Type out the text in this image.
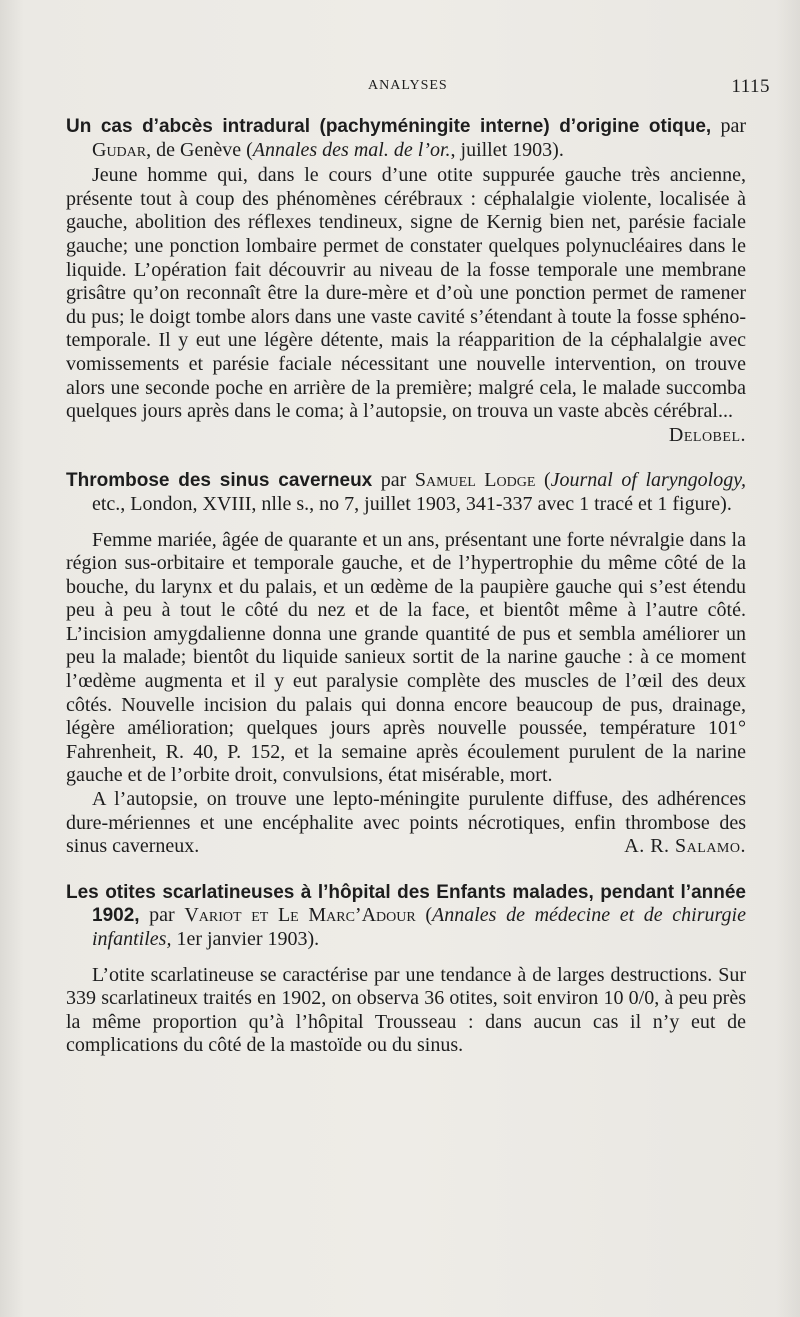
ANALYSES	1115

Un cas d’abcès intradural (pachyméningite interne) d’origine otique, par Gudar, de Genève (Annales des mal. de l’or., juillet 1903).

Jeune homme qui, dans le cours d’une otite suppurée gauche très ancienne, présente tout à coup des phénomènes cérébraux : céphalalgie violente, localisée à gauche, abolition des réflexes tendineux, signe de Kernig bien net, parésie faciale gauche; une ponction lombaire permet de constater quelques polynucléaires dans le liquide. L’opération fait découvrir au niveau de la fosse temporale une membrane grisâtre qu’on reconnaît être la dure-mère et d’où une ponction permet de ramener du pus; le doigt tombe alors dans une vaste cavité s’étendant à toute la fosse sphéno-temporale. Il y eut une légère détente, mais la réapparition de la céphalalgie avec vomissements et parésie faciale nécessitant une nouvelle intervention, on trouve alors une seconde poche en arrière de la première; malgré cela, le malade succomba quelques jours après dans le coma; à l’autopsie, on trouva un vaste abcès cérébral...
Delobel.

Thrombose des sinus caverneux par Samuel Lodge (Journal of laryngology, etc., London, XVIII, nlle s., no 7, juillet 1903, 341-337 avec 1 tracé et 1 figure).

Femme mariée, âgée de quarante et un ans, présentant une forte névralgie dans la région sus-orbitaire et temporale gauche, et de l’hypertrophie du même côté de la bouche, du larynx et du palais, et un œdème de la paupière gauche qui s’est étendu peu à peu à tout le côté du nez et de la face, et bientôt même à l’autre côté. L’incision amygdalienne donna une grande quantité de pus et sembla améliorer un peu la malade; bientôt du liquide sanieux sortit de la narine gauche : à ce moment l’œdème augmenta et il y eut paralysie complète des muscles de l’œil des deux côtés. Nouvelle incision du palais qui donna encore beaucoup de pus, drainage, légère amélioration; quelques jours après nouvelle poussée, température 101° Fahrenheit, R. 40, P. 152, et la semaine après écoulement purulent de la narine gauche et de l’orbite droit, convulsions, état misérable, mort.

A l’autopsie, on trouve une lepto-méningite purulente diffuse, des adhérences dure-mériennes et une encéphalite avec points nécrotiques, enfin thrombose des sinus caverneux.	A. R. Salamo.

Les otites scarlatineuses à l’hôpital des Enfants malades, pendant l’année 1902, par Variot et Le Marc’Adour (Annales de médecine et de chirurgie infantiles, 1er janvier 1903).

L’otite scarlatineuse se caractérise par une tendance à de larges destructions. Sur 339 scarlatineux traités en 1902, on observa 36 otites, soit environ 10 0/0, à peu près la même proportion qu’à l’hôpital Trousseau : dans aucun cas il n’y eut de complications du côté de la mastoïde ou du sinus.
